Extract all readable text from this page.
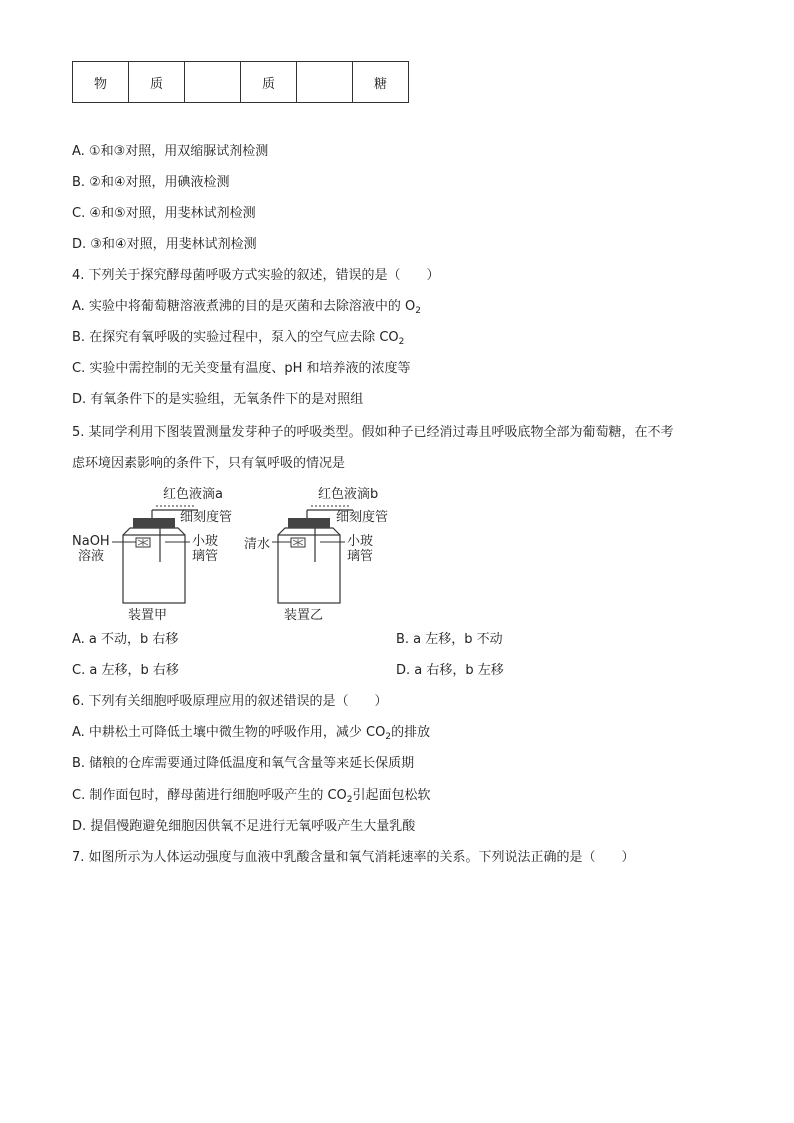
物	质		质		糖
A. ①和③对照，用双缩脲试剂检测
B. ②和④对照，用碘液检测
C. ④和⑤对照，用斐林试剂检测
D. ③和④对照，用斐林试剂检测
4. 下列关于探究酵母菌呼吸方式实验的叙述，错误的是（　　）
A. 实验中将葡萄糖溶液煮沸的目的是灭菌和去除溶液中的 $O_2$
B. 在探究有氧呼吸的实验过程中，泵入的空气应去除 $CO_2$
C. 实验中需控制的无关变量有温度、pH 和培养液的浓度等
D. 有氧条件下的是实验组，无氧条件下的是对照组
5. 某同学利用下图装置测量发芽种子的呼吸类型。假如种子已经消过毒且呼吸底物全部为葡萄糖，在不考
虑环境因素影响的条件下，只有氧呼吸的情况是
红色液滴a
细刻度管
NaOH
溶液
小玻
璃管
装置甲
红色液滴b
细刻度管
清水	小玻
璃管
装置乙
A. a 不动，b 右移	B. a 左移，b 不动
C. a 左移，b 右移	D. a 右移，b 左移
6. 下列有关细胞呼吸原理应用的叙述错误的是（　　）
A. 中耕松土可降低土壤中微生物的呼吸作用，减少 $CO_2$的排放
B. 储粮的仓库需要通过降低温度和氧气含量等来延长保质期
C. 制作面包时，酵母菌进行细胞呼吸产生的 $CO_2$引起面包松软
D. 提倡慢跑避免细胞因供氧不足进行无氧呼吸产生大量乳酸
7. 如图所示为人体运动强度与血液中乳酸含量和氧气消耗速率的关系。下列说法正确的是（　　）
